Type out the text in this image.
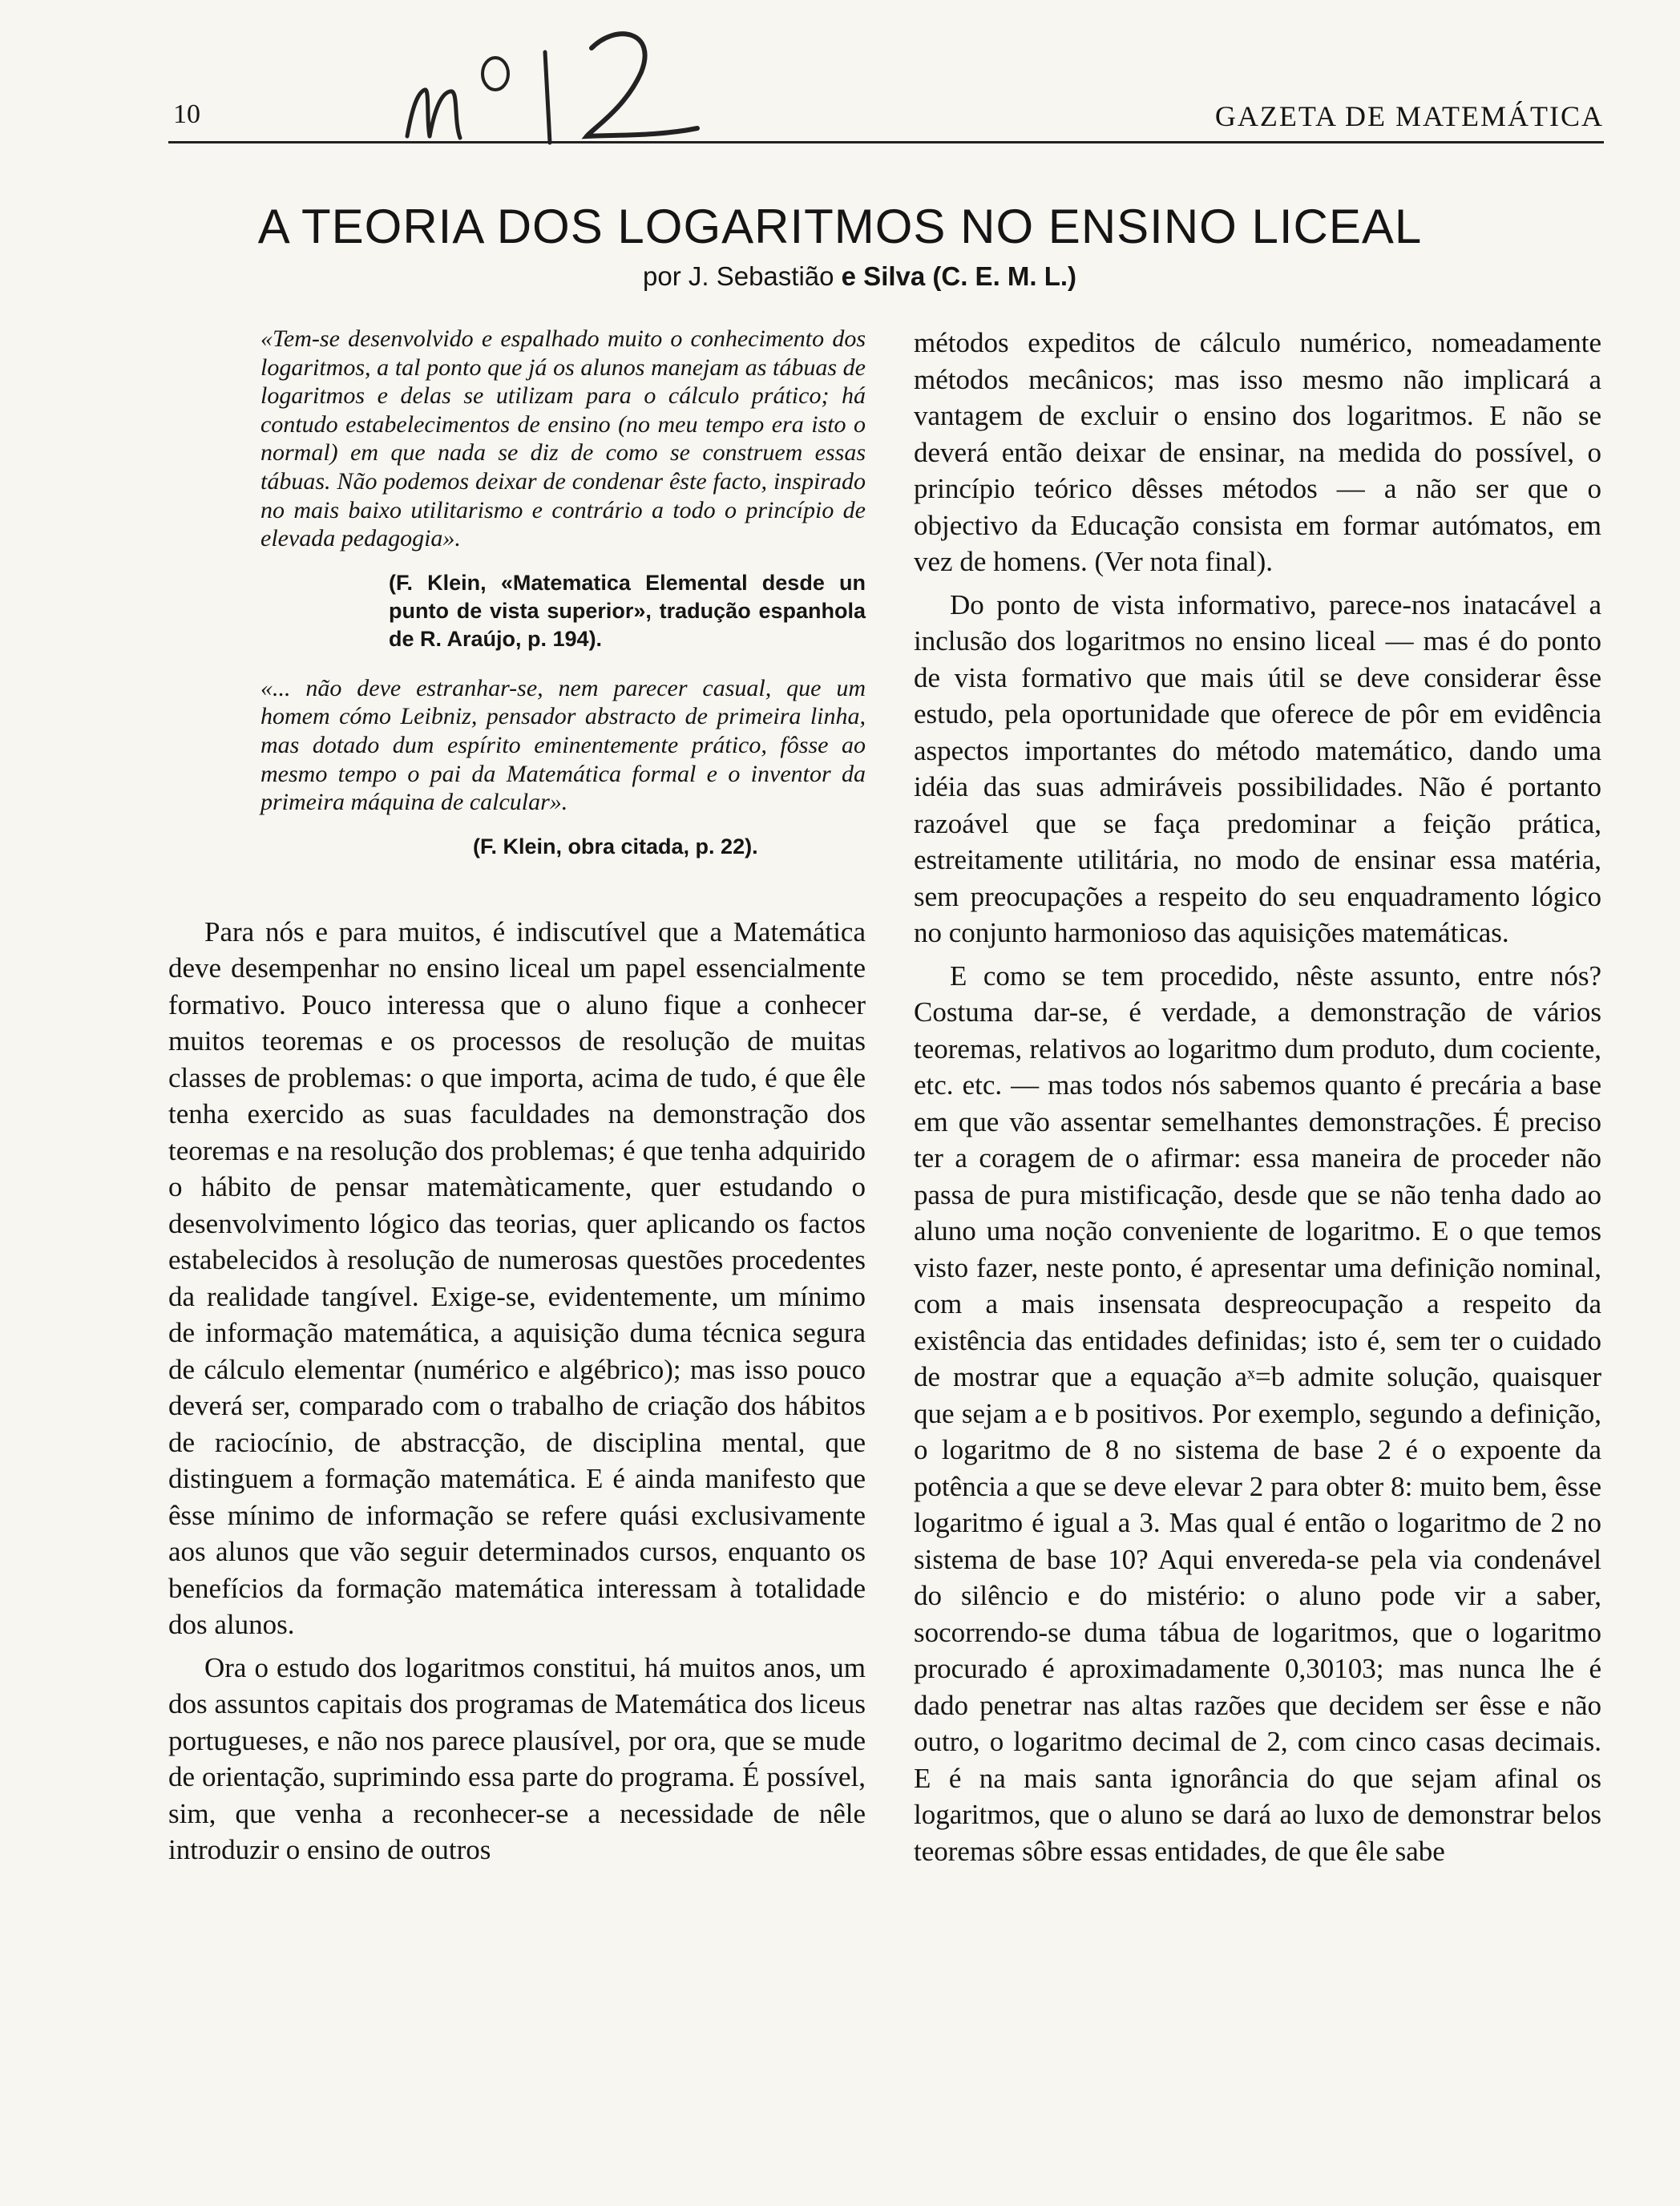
10	GAZETA DE MATEMÁTICA
A TEORIA DOS LOGARITMOS NO ENSINO LICEAL
por J. Sebastião e Silva (C. E. M. L.)

«Tem-se desenvolvido e espalhado muito o conhecimento dos logaritmos, a tal ponto que já os alunos manejam as tábuas de logaritmos e delas se utilizam para o cálculo prático; há contudo estabelecimentos de ensino (no meu tempo era isto o normal) em que nada se diz de como se construem essas tábuas. Não podemos deixar de condenar êste facto, inspirado no mais baixo utilitarismo e contrário a todo o princípio de elevada pedagogia».

(F. Klein, «Matematica Elemental desde un punto de vista superior», tradução espanhola de R. Araújo, p. 194).

«... não deve estranhar-se, nem parecer casual, que um homem cómo Leibniz, pensador abstracto de primeira linha, mas dotado dum espírito eminentemente prático, fôsse ao mesmo tempo o pai da Matemática formal e o inventor da primeira máquina de calcular».

(F. Klein, obra citada, p. 22).

Para nós e para muitos, é indiscutível que a Matemática deve desempenhar no ensino liceal um papel essencialmente formativo. Pouco interessa que o aluno fique a conhecer muitos teoremas e os processos de resolução de muitas classes de problemas: o que importa, acima de tudo, é que êle tenha exercido as suas faculdades na demonstração dos teoremas e na resolução dos problemas; é que tenha adquirido o hábito de pensar matemàticamente, quer estudando o desenvolvimento lógico das teorias, quer aplicando os factos estabelecidos à resolução de numerosas questões procedentes da realidade tangível. Exige-se, evidentemente, um mínimo de informação matemática, a aquisição duma técnica segura de cálculo elementar (numérico e algébrico); mas isso pouco deverá ser, comparado com o trabalho de criação dos hábitos de raciocínio, de abstracção, de disciplina mental, que distinguem a formação matemática. E é ainda manifesto que êsse mínimo de informação se refere quási exclusivamente aos alunos que vão seguir determinados cursos, enquanto os benefícios da formação matemática interessam à totalidade dos alunos.

Ora o estudo dos logaritmos constitui, há muitos anos, um dos assuntos capitais dos programas de Matemática dos liceus portugueses, e não nos parece plausível, por ora, que se mude de orientação, suprimindo essa parte do programa. É possível, sim, que venha a reconhecer-se a necessidade de nêle introduzir o ensino de outros

métodos expeditos de cálculo numérico, nomeadamente métodos mecânicos; mas isso mesmo não implicará a vantagem de excluir o ensino dos logaritmos. E não se deverá então deixar de ensinar, na medida do possível, o princípio teórico dêsses métodos — a não ser que o objectivo da Educação consista em formar autómatos, em vez de homens. (Ver nota final).

Do ponto de vista informativo, parece-nos inatacável a inclusão dos logaritmos no ensino liceal — mas é do ponto de vista formativo que mais útil se deve considerar êsse estudo, pela oportunidade que oferece de pôr em evidência aspectos importantes do método matemático, dando uma idéia das suas admiráveis possibilidades. Não é portanto razoável que se faça predominar a feição prática, estreitamente utilitária, no modo de ensinar essa matéria, sem preocupações a respeito do seu enquadramento lógico no conjunto harmonioso das aquisições matemáticas.

E como se tem procedido, nêste assunto, entre nós? Costuma dar-se, é verdade, a demonstração de vários teoremas, relativos ao logaritmo dum produto, dum cociente, etc. etc. — mas todos nós sabemos quanto é precária a base em que vão assentar semelhantes demonstrações. É preciso ter a coragem de o afirmar: essa maneira de proceder não passa de pura mistificação, desde que se não tenha dado ao aluno uma noção conveniente de logaritmo. E o que temos visto fazer, neste ponto, é apresentar uma definição nominal, com a mais insensata despreocupação a respeito da existência das entidades definidas; isto é, sem ter o cuidado de mostrar que a equação aˣ=b admite solução, quaisquer que sejam a e b positivos. Por exemplo, segundo a definição, o logaritmo de 8 no sistema de base 2 é o expoente da potência a que se deve elevar 2 para obter 8: muito bem, êsse logaritmo é igual a 3. Mas qual é então o logaritmo de 2 no sistema de base 10? Aqui envereda-se pela via condenável do silêncio e do mistério: o aluno pode vir a saber, socorrendo-se duma tábua de logaritmos, que o logaritmo procurado é aproximadamente 0,30103; mas nunca lhe é dado penetrar nas altas razões que decidem ser êsse e não outro, o logaritmo decimal de 2, com cinco casas decimais. E é na mais santa ignorância do que sejam afinal os logaritmos, que o aluno se dará ao luxo de demonstrar belos teoremas sôbre essas entidades, de que êle sabe
